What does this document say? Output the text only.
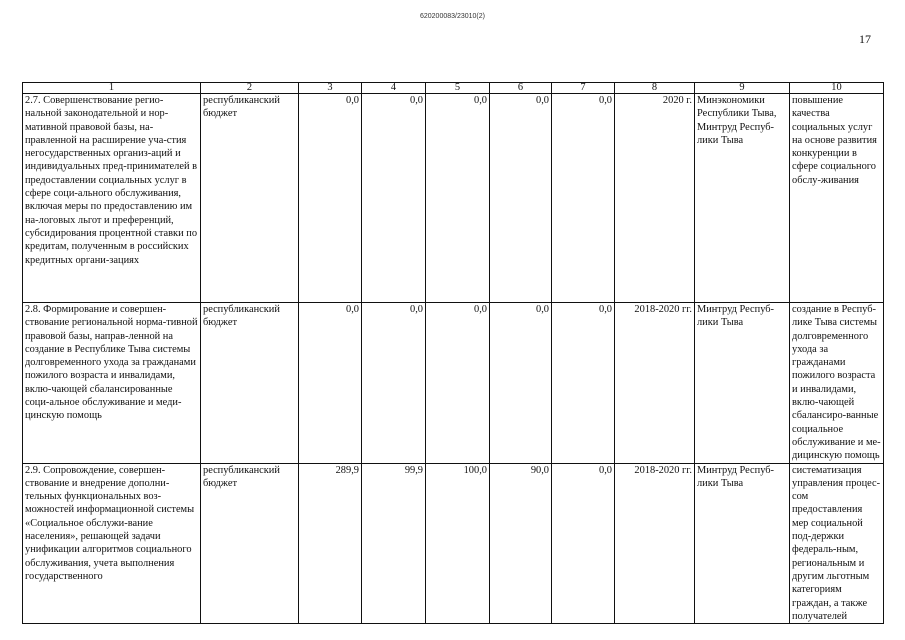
620200083/23010(2)
17
1	2	3	4	5	6	7	8	9	10
2.7. Совершенствование регио-нальной законодательной и нор-мативной правовой базы, на-правленной на расширение уча-стия негосударственных организ-аций и индивидуальных пред-принимателей в предоставлении социальных услуг в сфере соци-ального обслуживания, включая меры по предоставлению им на-логовых льгот и преференций, субсидирования процентной ставки по кредитам, полученным в российских кредитных органи-зациях	республиканский бюджет	0,0	0,0	0,0	0,0	0,0	2020 г.	Минэкономики Республики Тыва, Минтруд Респуб-лики Тыва	повышение качества социальных услуг на основе развития конкуренции в сфере социального обслу-живания
2.8. Формирование и совершен-ствование региональной норма-тивной правовой базы, направ-ленной на создание в Республике Тыва системы долговременного ухода за гражданами пожилого возраста и инвалидами, вклю-чающей сбалансированные соци-альное обслуживание и меди-цинскую помощь	республиканский бюджет	0,0	0,0	0,0	0,0	0,0	2018-2020 гг.	Минтруд Респуб-лики Тыва	создание в Респуб-лике Тыва системы долговременного ухода за гражданами пожилого возраста и инвалидами, вклю-чающей сбалансиро-ванные социальное обслуживание и ме-дицинскую помощь
2.9. Сопровождение, совершен-ствование и внедрение дополни-тельных функциональных воз-можностей информационной системы «Социальное обслужи-вание населения», решающей задачи унификации алгоритмов социального обслуживания, учета выполнения государственного	республиканский бюджет	289,9	99,9	100,0	90,0	0,0	2018-2020 гг.	Минтруд Респуб-лики Тыва	систематизация управления процес-сом предоставления мер социальной под-держки федераль-ным, региональным и другим льготным категориям граждан, а также получателей
